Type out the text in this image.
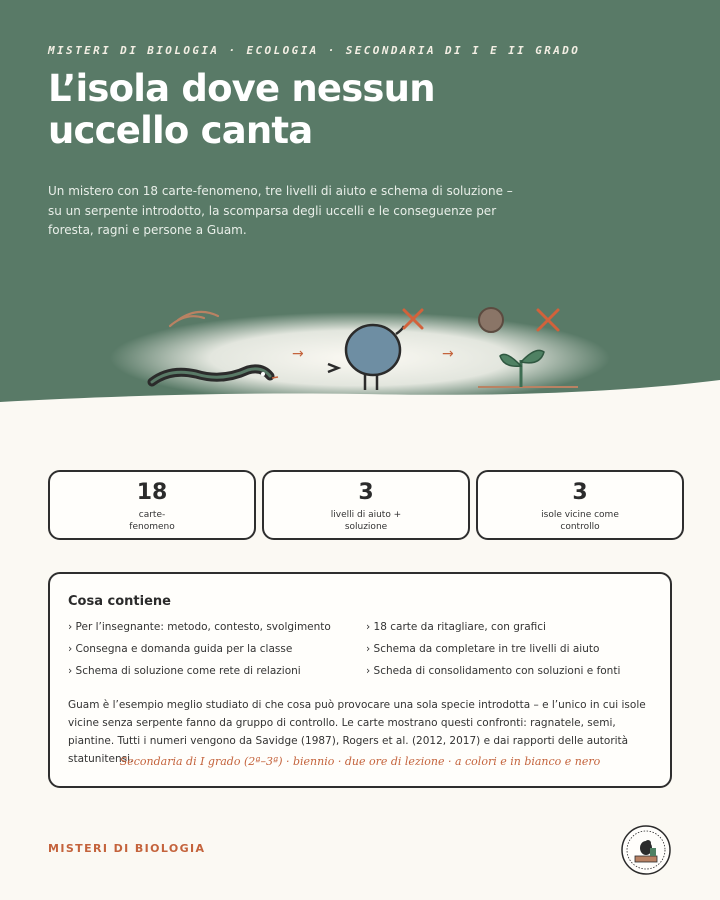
MISTERI DI BIOLOGIA · ECOLOGIA · SECONDARIA DI I E II GRADO
L’isola dove nessun uccello canta

Un mistero con 18 carte-fenomeno, tre livelli di aiuto e schema di soluzione – su un serpente introdotto, la scomparsa degli uccelli e le conseguenze per foresta, ragni e persone a Guam.

→	→
18
carte-fenomeno
3
livelli di aiuto + soluzione
3
isole vicine come controllo
Cosa contiene
› Per l’insegnante: metodo, contesto, svolgimento
› Consegna e domanda guida per la classe
› Schema di soluzione come rete di relazioni
› 18 carte da ritagliare, con grafici
› Schema da completare in tre livelli di aiuto
› Scheda di consolidamento con soluzioni e fonti

Guam è l’esempio meglio studiato di che cosa può provocare una sola specie introdotta – e l’unico in cui isole vicine senza serpente fanno da gruppo di controllo. Le carte mostrano questi confronti: ragnatele, semi, piantine. Tutti i numeri vengono da Savidge (1987), Rogers et al. (2012, 2017) e dai rapporti delle autorità statunitensi.

Secondaria di I grado (2ª–3ª) · biennio · due ore di lezione · a colori e in bianco e nero
MISTERI DI BIOLOGIA
